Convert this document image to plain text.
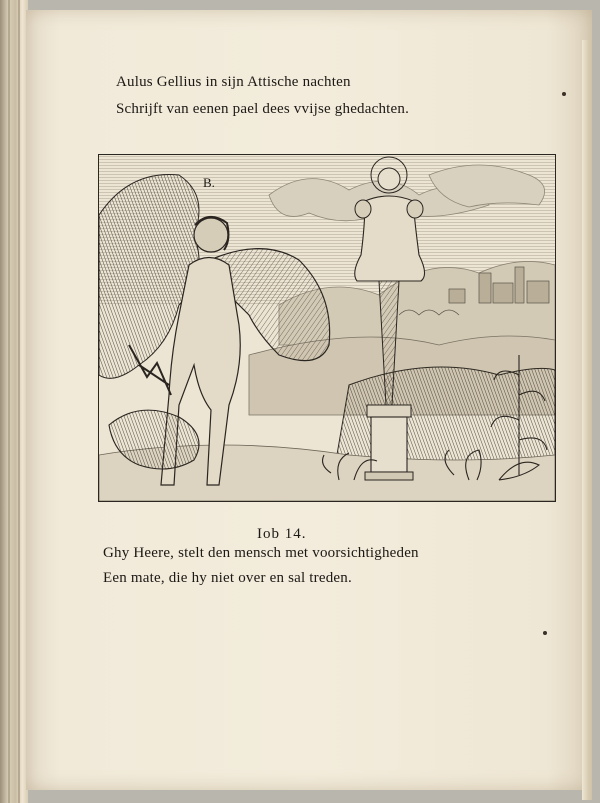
Aulus Gellius in sijn Attische nachten
Schrijft van eenen pael dees vvijse ghedachten.
B.
Iob 14.
Ghy Heere, stelt den mensch met voorsichtigheden
Een mate, die hy niet over en sal treden.
